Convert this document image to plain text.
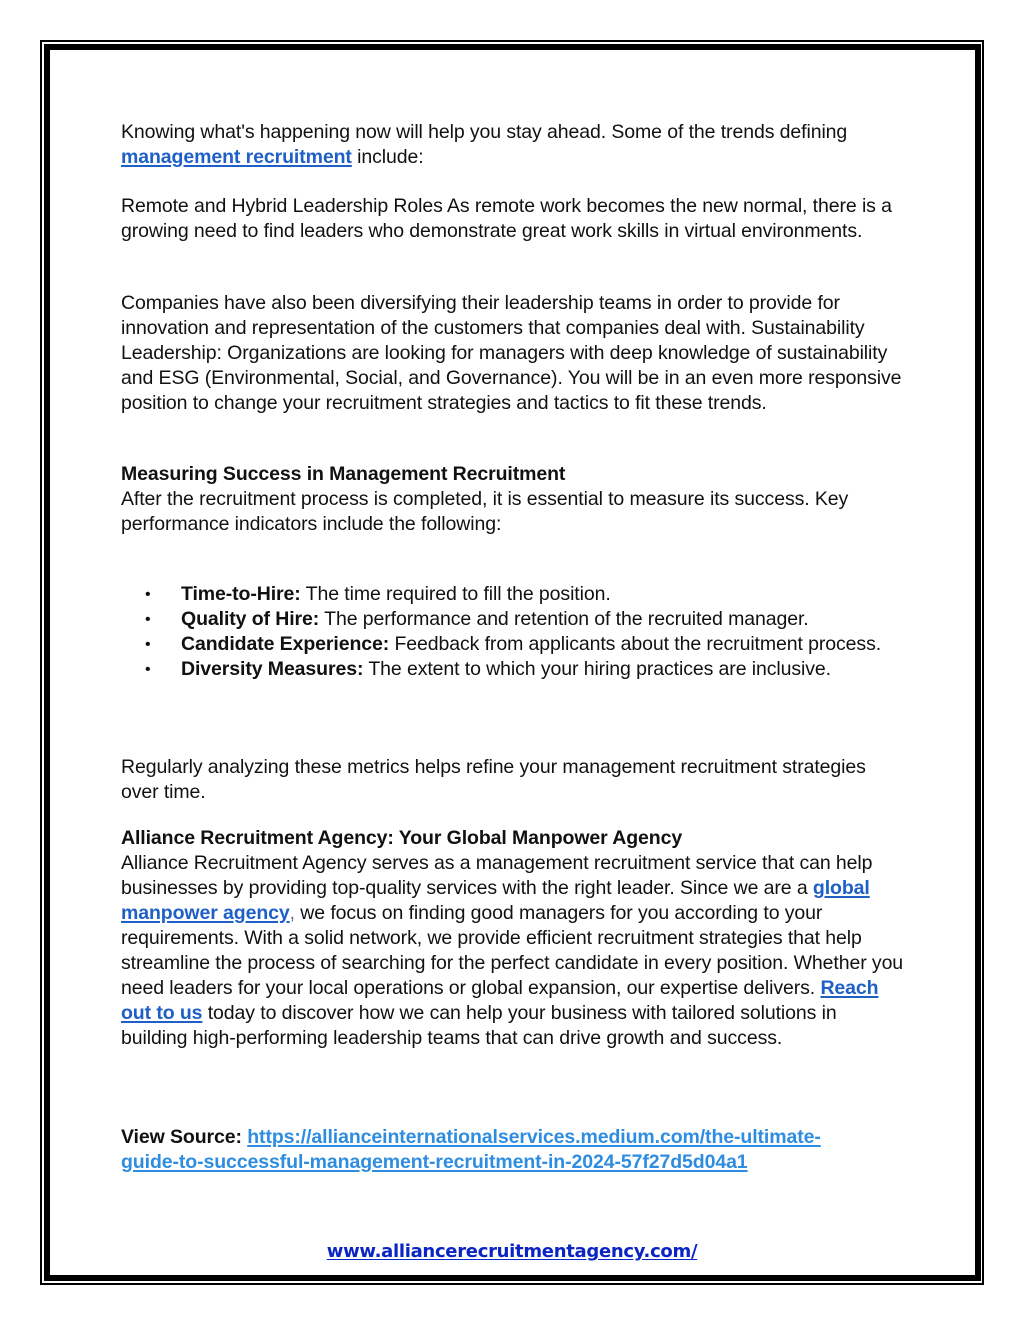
Knowing what's happening now will help you stay ahead. Some of the trends defining management recruitment include:

Remote and Hybrid Leadership Roles As remote work becomes the new normal, there is a growing need to find leaders who demonstrate great work skills in virtual environments.

Companies have also been diversifying their leadership teams in order to provide for innovation and representation of the customers that companies deal with. Sustainability Leadership: Organizations are looking for managers with deep knowledge of sustainability and ESG (Environmental, Social, and Governance). You will be in an even more responsive position to change your recruitment strategies and tactics to fit these trends.

Measuring Success in Management Recruitment

After the recruitment process is completed, it is essential to measure its success. Key performance indicators include the following:

• Time-to-Hire: The time required to fill the position.
• Quality of Hire: The performance and retention of the recruited manager.
• Candidate Experience: Feedback from applicants about the recruitment process.
• Diversity Measures: The extent to which your hiring practices are inclusive.

Regularly analyzing these metrics helps refine your management recruitment strategies over time.

Alliance Recruitment Agency: Your Global Manpower Agency

Alliance Recruitment Agency serves as a management recruitment service that can help businesses by providing top-quality services with the right leader. Since we are a global manpower agency, we focus on finding good managers for you according to your requirements. With a solid network, we provide efficient recruitment strategies that help streamline the process of searching for the perfect candidate in every position. Whether you need leaders for your local operations or global expansion, our expertise delivers. Reach out to us today to discover how we can help your business with tailored solutions in building high-performing leadership teams that can drive growth and success.

View Source: https://allianceinternationalservices.medium.com/the-ultimate-guide-to-successful-management-recruitment-in-2024-57f27d5d04a1

www.alliancerecruitmentagency.com/
